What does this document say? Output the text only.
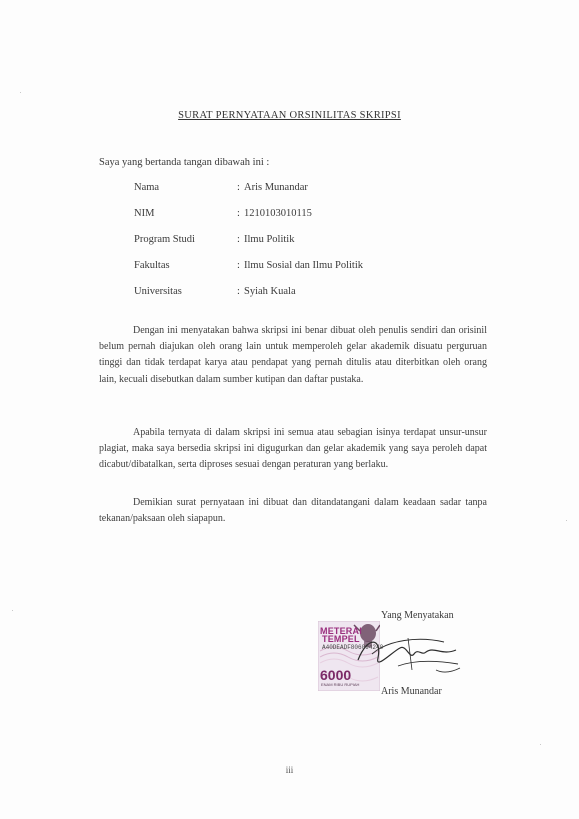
SURAT PERNYATAAN ORSINILITAS SKRIPSI
Saya yang bertanda tangan dibawah ini :
Nama	: Aris Munandar
NIM	: 1210103010115
Program Studi	: Ilmu Politik
Fakultas	: Ilmu Sosial dan Ilmu Politik
Universitas	: Syiah Kuala
Dengan ini menyatakan bahwa skripsi ini benar dibuat oleh penulis sendiri dan orisinil belum pernah diajukan oleh orang lain untuk memperoleh gelar akademik disuatu perguruan tinggi dan tidak terdapat karya atau pendapat yang pernah ditulis atau diterbitkan oleh orang lain, kecuali disebutkan dalam sumber kutipan dan daftar pustaka.
Apabila ternyata di dalam skripsi ini semua atau sebagian isinya terdapat unsur-unsur plagiat, maka saya bersedia skripsi ini digugurkan dan gelar akademik yang saya peroleh dapat dicabut/dibatalkan, serta diproses sesuai dengan peraturan yang berlaku.
Demikian surat pernyataan ini dibuat dan ditandatangani dalam keadaan sadar tanpa tekanan/paksaan oleh siapapun.
Yang Menyatakan
METERAI
TEMPEL
A40DEADF806094240
6000
ENAM RIBU RUPIAH
Aris Munandar
iii
